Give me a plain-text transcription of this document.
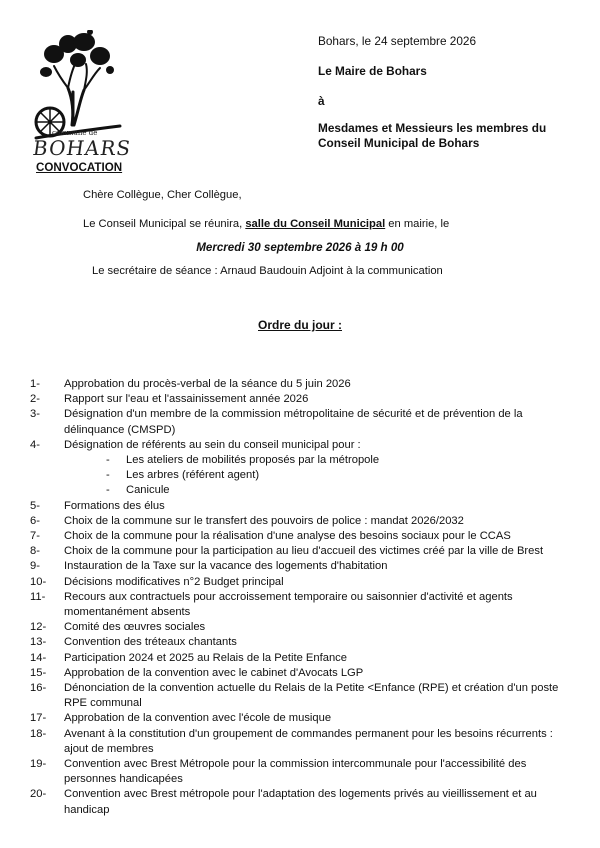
commune de
BOHARS
Bohars, le 24 septembre 2026
Le Maire de Bohars
à
Mesdames et Messieurs les membres du
Conseil Municipal de Bohars
CONVOCATION
Chère Collègue, Cher Collègue,
Le Conseil Municipal se réunira, salle du Conseil Municipal en mairie, le
Mercredi 30 septembre 2026 à 19 h 00
Le secrétaire de séance : Arnaud Baudouin Adjoint à la communication
Ordre du jour :
1-	Approbation du procès-verbal de la séance du 5 juin 2026
2-	Rapport sur l'eau et l'assainissement année 2026
3-	Désignation d'un membre de la commission métropolitaine de sécurité et de prévention de la délinquance (CMSPD)
4-	Désignation de référents au sein du conseil municipal pour :
- Les ateliers de mobilités proposés par la métropole
- Les arbres (référent agent)
- Canicule
5-	Formations des élus
6-	Choix de la commune sur le transfert des pouvoirs de police : mandat 2026/2032
7-	Choix de la commune pour la réalisation d'une analyse des besoins sociaux pour le CCAS
8-	Choix de la commune pour la participation au lieu d'accueil des victimes créé par la ville de Brest
9-	Instauration de la Taxe sur la vacance des logements d'habitation
10-	Décisions modificatives n°2 Budget principal
11-	Recours aux contractuels pour accroissement temporaire ou saisonnier d'activité et agents momentanément absents
12-	Comité des œuvres sociales
13-	Convention des tréteaux chantants
14-	Participation 2024 et 2025 au Relais de la Petite Enfance
15-	Approbation de la convention avec le cabinet d'Avocats LGP
16-	Dénonciation de la convention actuelle du Relais de la Petite <Enfance (RPE) et création d'un poste RPE communal
17-	Approbation de la convention avec l'école de musique
18-	Avenant à la constitution d'un groupement de commandes permanent pour les besoins récurrents : ajout de membres
19-	Convention avec Brest Métropole pour la commission intercommunale pour l'accessibilité des personnes handicapées
20-	Convention avec Brest métropole pour l'adaptation des logements privés au vieillissement et au handicap
